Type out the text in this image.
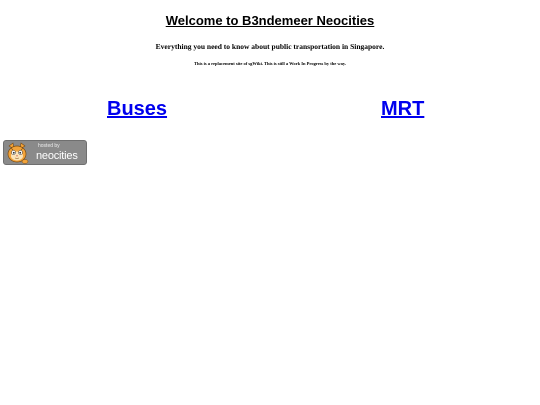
Welcome to B3ndemeer Neocities
Everything you need to know about public transportation in Singapore.
This is a replacement site of sgWiki. This is still a Work In Progress by the way.
Buses	MRT
hosted by
neocities
